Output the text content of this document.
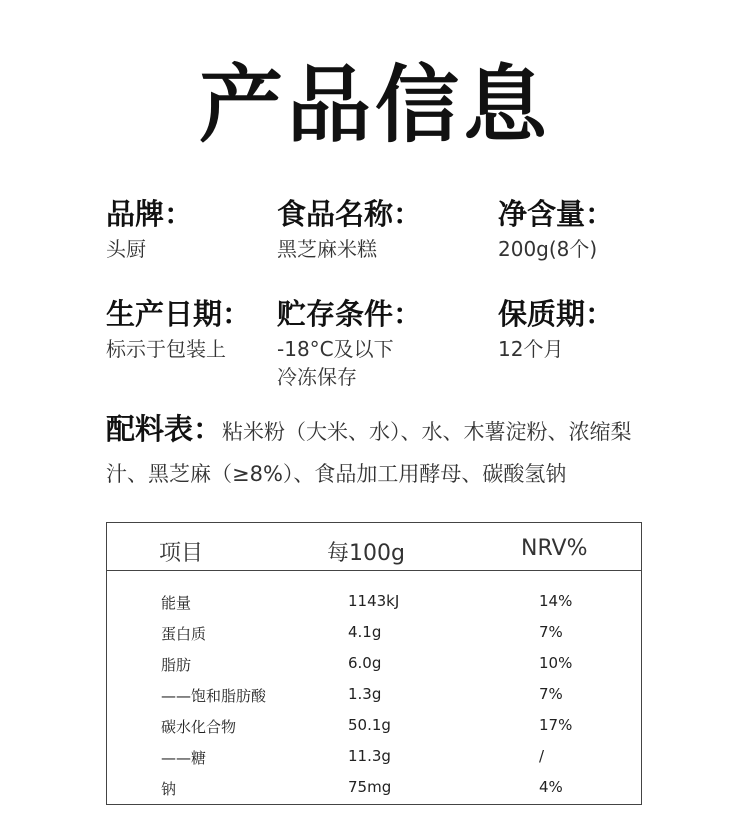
产品信息
品牌：
头厨
食品名称：
黑芝麻米糕
净含量：
200g(8个)
生产日期：
标示于包装上
贮存条件：
-18°C及以下
冷冻保存
保质期：
12个月
配料表：粘米粉（大米、水）、水、木薯淀粉、浓缩梨汁、黑芝麻（≥8%）、食品加工用酵母、碳酸氢钠
项目	每100g	NRV%
能量	1143kJ	14%
蛋白质	4.1g	7%
脂肪	6.0g	10%
——饱和脂肪酸	1.3g	7%
碳水化合物	50.1g	17%
——糖	11.3g	/
钠	75mg	4%
